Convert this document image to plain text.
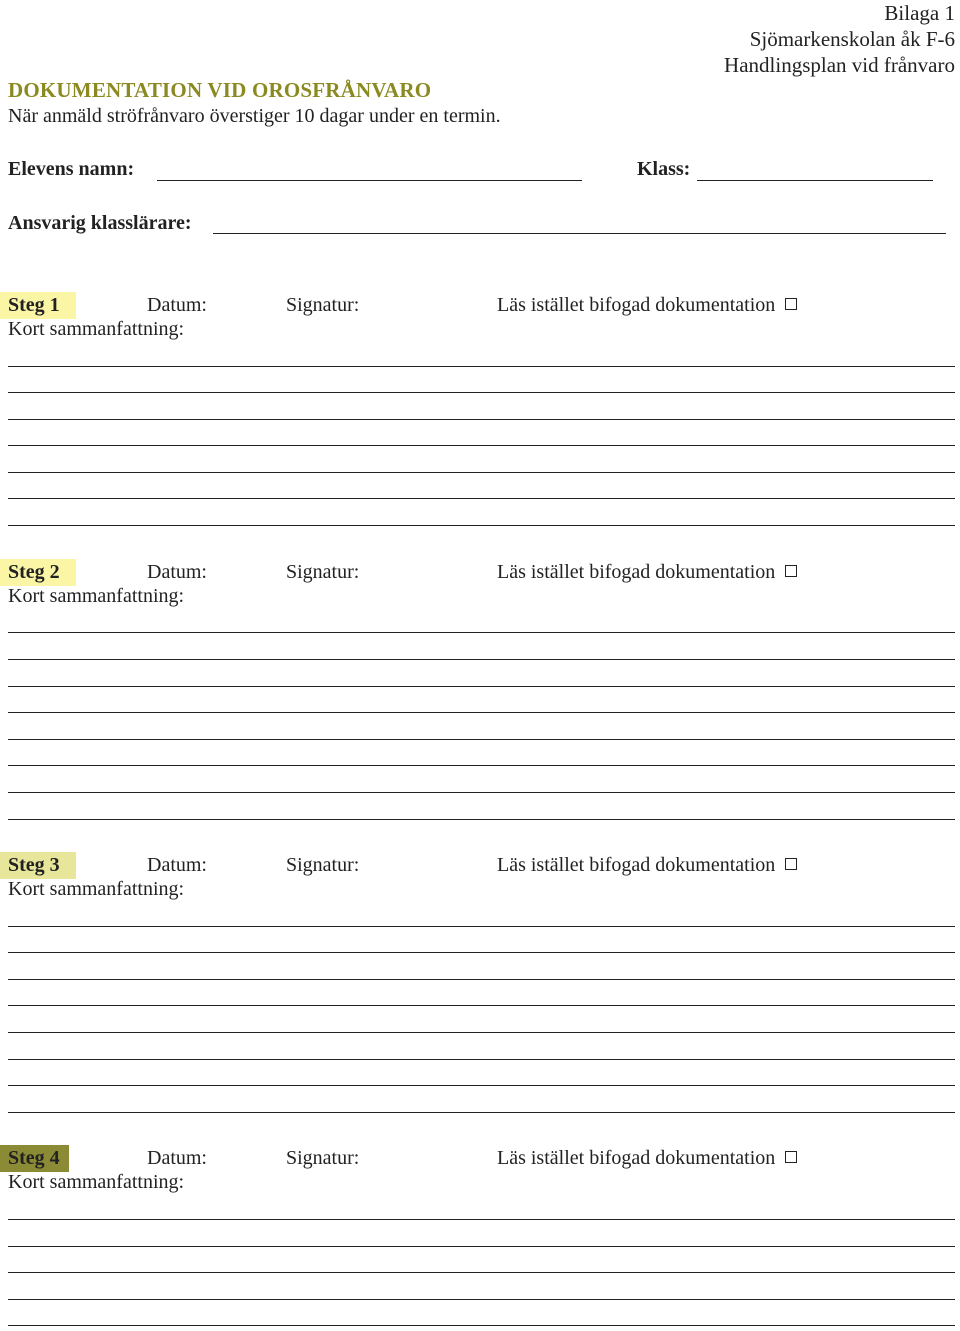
Bilaga 1
Sjömarkenskolan åk F-6
Handlingsplan vid frånvaro
DOKUMENTATION VID OROSFRÅNVARO
När anmäld ströfrånvaro överstiger 10 dagar under en termin.
Elevens namn:	Klass:
Ansvarig klasslärare:
Steg 1	Datum:	Signatur:	Läs istället bifogad dokumentation
Kort sammanfattning:
Steg 2	Datum:	Signatur:	Läs istället bifogad dokumentation
Kort sammanfattning:
Steg 3	Datum:	Signatur:	Läs istället bifogad dokumentation
Kort sammanfattning:
Steg 4	Datum:	Signatur:	Läs istället bifogad dokumentation
Kort sammanfattning:
